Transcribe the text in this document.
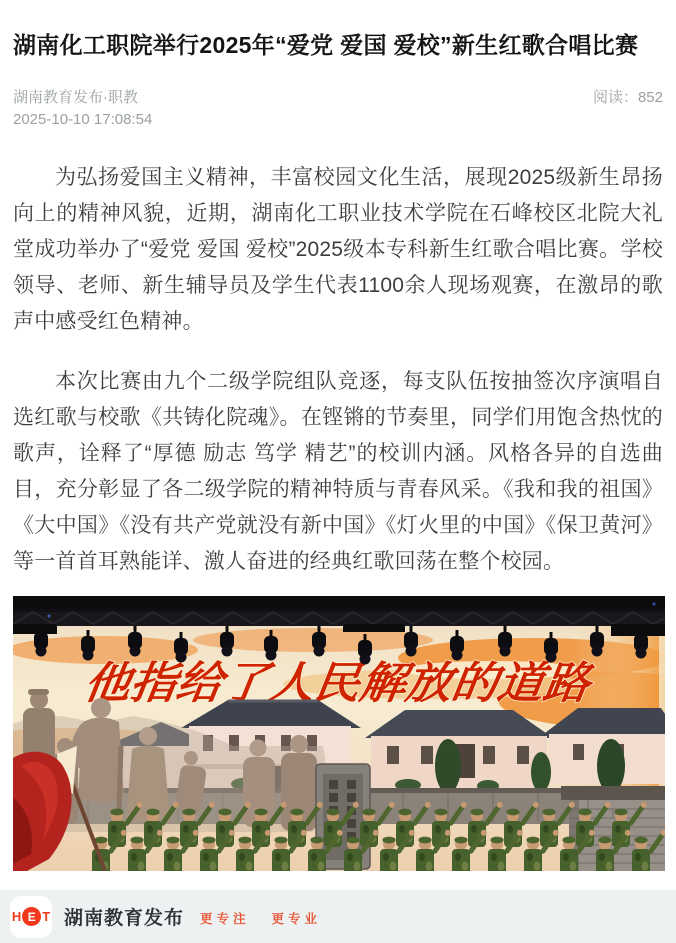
湖南化工职院举行2025年“爱党 爱国 爱校”新生红歌合唱比赛
湖南教育发布·职教	阅读：852
2025-10-10 17:08:54

为弘扬爱国主义精神，丰富校园文化生活，展现2025级新生昂扬向上的精神风貌，近期，湖南化工职业技术学院在石峰校区北院大礼堂成功举办了“爱党 爱国 爱校”2025级本专科新生红歌合唱比赛。学校领导、老师、新生辅导员及学生代表1100余人现场观赛，在激昂的歌声中感受红色精神。

本次比赛由九个二级学院组队竞逐，每支队伍按抽签次序演唱自选红歌与校歌《共铸化院魂》。在铿锵的节奏里，同学们用饱含热忱的歌声，诠释了“厚德 励志 笃学 精艺”的校训内涵。风格各异的自选曲目，充分彰显了各二级学院的精神特质与青春风采。《我和我的祖国》《大中国》《没有共产党就没有新中国》《灯火里的中国》《保卫黄河》等一首首耳熟能详、激人奋进的经典红歌回荡在整个校园。

他指给了人民解放的道路
H E T 湖南教育发布 更专注 更专业
